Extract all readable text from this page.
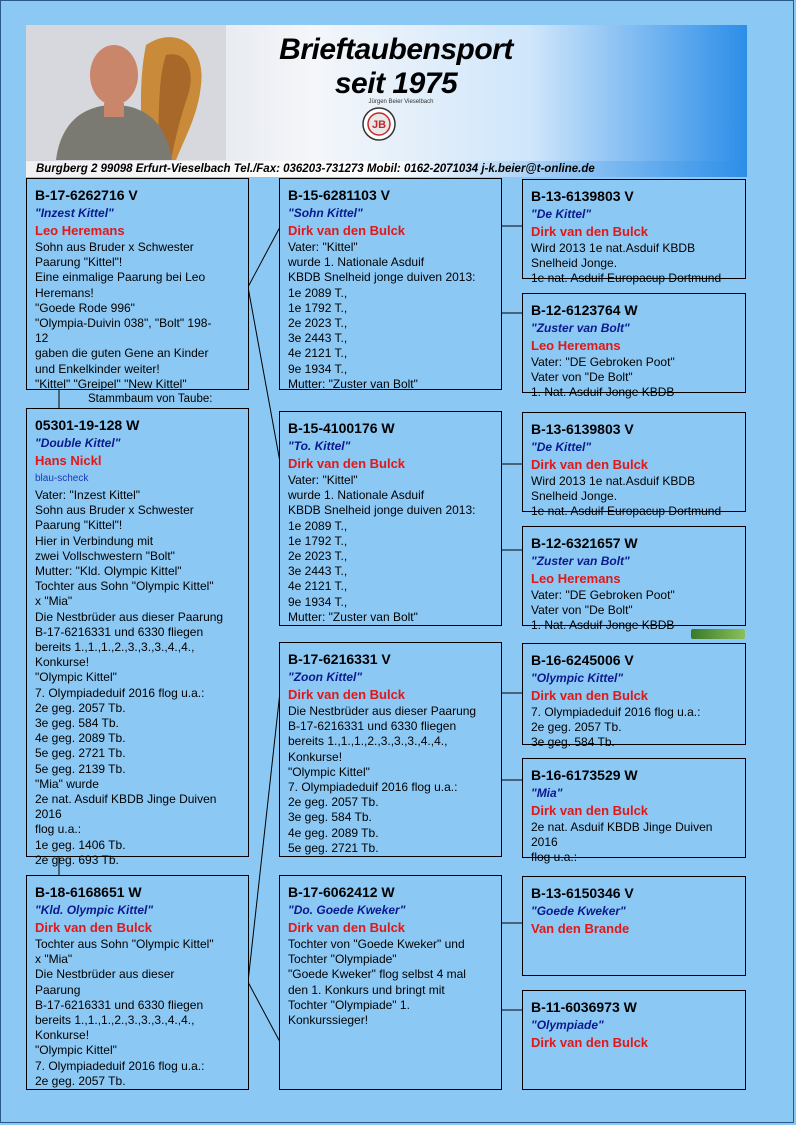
Brieftaubensport
seit 1975
Jürgen Beier Vieselbach
JB
Burgberg 2 99098 Erfurt-Vieselbach Tel./Fax: 036203-731273 Mobil: 0162-2071034 j-k.beier@t-online.de
B-17-6262716 V
"Inzest Kittel"
Leo Heremans
Sohn aus Bruder x Schwester
Paarung "Kittel"!
Eine einmalige Paarung bei Leo
Heremans!
"Goede Rode 996"
"Olympia-Duivin 038", "Bolt" 198-
12
gaben die guten Gene an Kinder
und Enkelkinder weiter!
"Kittel" "Greipel" "New Kittel"
Stammbaum von Taube:
05301-19-128 W
"Double Kittel"
Hans Nickl
blau-scheck
Vater: "Inzest Kittel"
Sohn aus Bruder x Schwester
Paarung "Kittel"!
Hier in Verbindung mit
zwei Vollschwestern "Bolt"
Mutter: "Kld. Olympic Kittel"
Tochter aus Sohn "Olympic Kittel"
x "Mia"
Die Nestbrüder aus dieser Paarung
B-17-6216331 und 6330 fliegen
bereits 1.,1.,1.,2.,3.,3.,3.,4.,4.,
Konkurse!
"Olympic Kittel"
7. Olympiadeduif 2016 flog u.a.:
2e geg. 2057 Tb.
3e geg. 584 Tb.
4e geg. 2089 Tb.
5e geg. 2721 Tb.
5e geg. 2139 Tb.
"Mia" wurde
2e nat. Asduif KBDB Jinge Duiven
2016
flog u.a.:
1e geg. 1406 Tb.
2e geg. 693 Tb.
B-18-6168651 W
"Kld. Olympic Kittel"
Dirk van den Bulck
Tochter aus Sohn "Olympic Kittel"
x "Mia"
Die Nestbrüder aus dieser
Paarung
B-17-6216331 und 6330 fliegen
bereits 1.,1.,1.,2.,3.,3.,3.,4.,4.,
Konkurse!
"Olympic Kittel"
7. Olympiadeduif 2016 flog u.a.:
2e geg. 2057 Tb.
B-15-6281103 V
"Sohn Kittel"
Dirk van den Bulck
Vater: "Kittel"
wurde 1. Nationale Asduif
KBDB Snelheid jonge duiven 2013:
1e 2089 T.,
1e 1792 T.,
2e 2023 T.,
3e 2443 T.,
4e 2121 T.,
9e 1934 T.,
Mutter: "Zuster van Bolt"
B-15-4100176 W
"To. Kittel"
Dirk van den Bulck
Vater: "Kittel"
wurde 1. Nationale Asduif
KBDB Snelheid jonge duiven 2013:
1e 2089 T.,
1e 1792 T.,
2e 2023 T.,
3e 2443 T.,
4e 2121 T.,
9e 1934 T.,
Mutter: "Zuster van Bolt"
B-17-6216331 V
"Zoon Kittel"
Dirk van den Bulck
Die Nestbrüder aus dieser Paarung
B-17-6216331 und 6330 fliegen
bereits 1.,1.,1.,2.,3.,3.,3.,4.,4.,
Konkurse!
"Olympic Kittel"
7. Olympiadeduif 2016 flog u.a.:
2e geg. 2057 Tb.
3e geg. 584 Tb.
4e geg. 2089 Tb.
5e geg. 2721 Tb.
B-17-6062412 W
"Do. Goede Kweker"
Dirk van den Bulck
Tochter von "Goede Kweker" und
Tochter "Olympiade"
"Goede Kweker" flog selbst 4 mal
den 1. Konkurs und bringt mit
Tochter "Olympiade" 1.
Konkurssieger!
B-13-6139803 V
"De Kittel"
Dirk van den Bulck
Wird 2013 1e nat.Asduif KBDB
Snelheid Jonge.
1e nat. Asduif Europacup Dortmund
B-12-6123764 W
"Zuster van Bolt"
Leo Heremans
Vater: "DE Gebroken Poot"
Vater von "De Bolt"
1. Nat. Asduif Jonge KBDB
B-13-6139803 V
"De Kittel"
Dirk van den Bulck
Wird 2013 1e nat.Asduif KBDB
Snelheid Jonge.
1e nat. Asduif Europacup Dortmund
B-12-6321657 W
"Zuster van Bolt"
Leo Heremans
Vater: "DE Gebroken Poot"
Vater von "De Bolt"
1. Nat. Asduif Jonge KBDB
B-16-6245006 V
"Olympic Kittel"
Dirk van den Bulck
7. Olympiadeduif 2016 flog u.a.:
2e geg. 2057 Tb.
3e geg. 584 Tb.
B-16-6173529 W
"Mia"
Dirk van den Bulck
2e nat. Asduif KBDB Jinge Duiven
2016
flog u.a.:
B-13-6150346 V
"Goede Kweker"
Van den Brande
B-11-6036973 W
"Olympiade"
Dirk van den Bulck
